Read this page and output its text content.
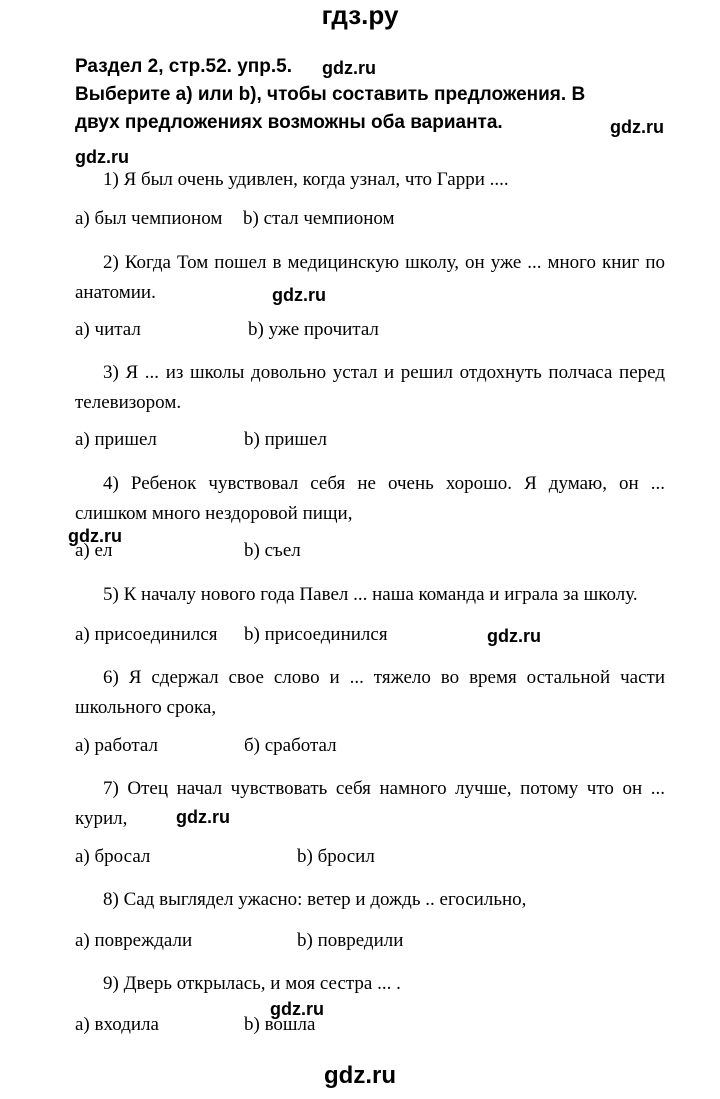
гдз.ру
Раздел 2, стр.52. упр.5. gdz.ru
Выберите а) или b), чтобы составить предложения. В
двух предложениях возможны оба варианта.	gdz.ru
gdz.ru
1) Я был очень удивлен, когда узнал, что Гарри ....
а) был чемпионом b) стал чемпионом
2) Когда Том пошел в медицинскую школу, он уже ... много книг по анатомии.	gdz.ru
а) читал	b) уже прочитал
3) Я ... из школы довольно устал и решил отдохнуть полчаса перед телевизором.
а) пришел	b) пришел
4) Ребенок чувствовал себя не очень хорошо. Я думаю, он ... слишком много нездоровой пищи,
gdz.ru
а) ел	b) съел
5) К началу нового года Павел ... наша команда и играла за школу.
а) присоединился b) присоединился	gdz.ru
6) Я сдержал свое слово и ... тяжело во время остальной части школьного срока,
а) работал	б) сработал
7) Отец начал чувствовать себя намного лучше, потому что он ... курил,	gdz.ru
а) бросал	b) бросил
8) Сад выглядел ужасно: ветер и дождь .. егосильно,
а) повреждали	b) повредили
9) Дверь открылась, и моя сестра ... .
gdz.ru
а) входила	b) вошла
gdz.ru
